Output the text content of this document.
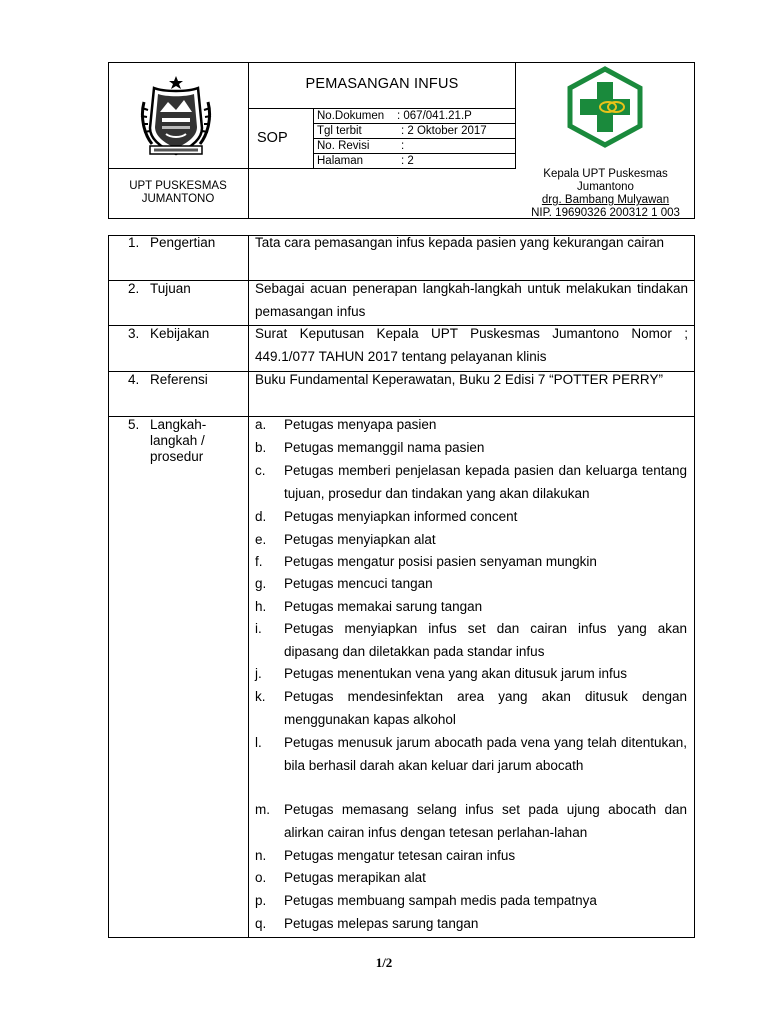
PEMASANGAN INFUS
SOP
No.Dokumen : 067/041.21.P
Tgl terbit	: 2 Oktober 2017
No. Revisi	:
Halaman	: 2
UPT PUSKESMAS
JUMANTONO
Kepala UPT Puskesmas
Jumantono
drg. Bambang Mulyawan
NIP. 19690326 200312 1 003
1. Pengertian	Tata cara pemasangan infus kepada pasien yang kekurangan cairan
2. Tujuan	Sebagai acuan penerapan langkah-langkah untuk melakukan tindakan pemasangan infus
3. Kebijakan	Surat Keputusan Kepala UPT Puskesmas Jumantono Nomor ; 449.1/077 TAHUN 2017 tentang pelayanan klinis
4. Referensi	Buku Fundamental Keperawatan, Buku 2 Edisi 7 “POTTER PERRY”
5. Langkah-
langkah /
prosedur
a.	Petugas menyapa pasien
b.	Petugas memanggil nama pasien
c.	Petugas memberi penjelasan kepada pasien dan keluarga tentang tujuan, prosedur dan tindakan yang akan dilakukan
d.	Petugas menyiapkan informed concent
e.	Petugas menyiapkan alat
f.	Petugas mengatur posisi pasien senyaman mungkin
g.	Petugas mencuci tangan
h.	Petugas memakai sarung tangan
i.	Petugas menyiapkan infus set dan cairan infus yang akan dipasang dan diletakkan pada standar infus
j.	Petugas menentukan vena yang akan ditusuk jarum infus
k.	Petugas mendesinfektan area yang akan ditusuk dengan menggunakan kapas alkohol
l.	Petugas menusuk jarum abocath pada vena yang telah ditentukan, bila berhasil darah akan keluar dari jarum abocath
m.	Petugas memasang selang infus set pada ujung abocath dan alirkan cairan infus dengan tetesan perlahan-lahan
n.	Petugas mengatur tetesan cairan infus
o.	Petugas merapikan alat
p.	Petugas membuang sampah medis pada tempatnya
q.	Petugas melepas sarung tangan
1/2
